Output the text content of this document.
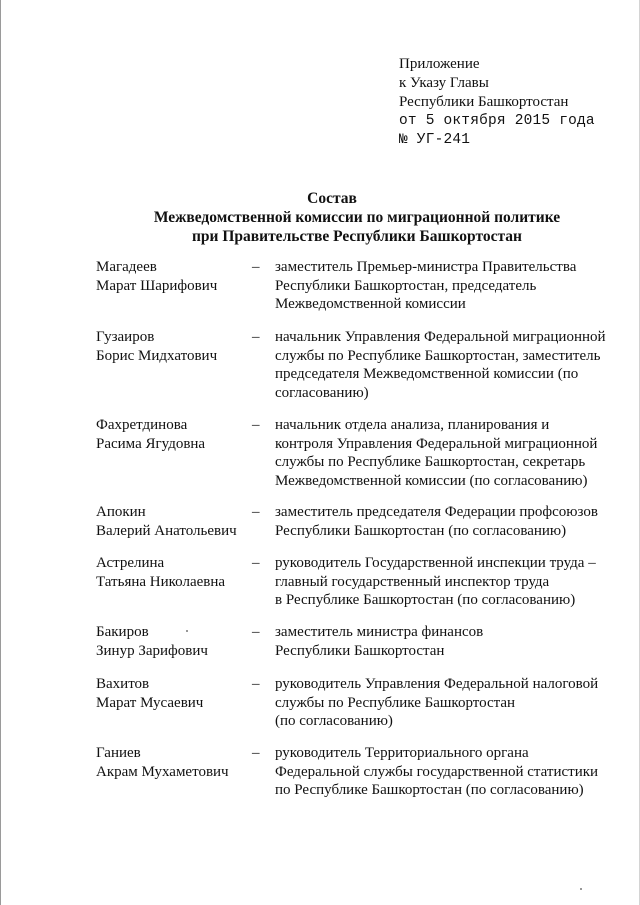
Приложение
к Указу Главы
Республики Башкортостан
от 5 октября 2015 года
№ УГ-241
Состав
Межведомственной комиссии по миграционной политике
при Правительстве Республики Башкортостан
Магадеев
Марат Шарифович
– заместитель Премьер-министра Правительства
Республики Башкортостан, председатель
Межведомственной комиссии
Гузаиров
Борис Мидхатович
– начальник Управления Федеральной миграционной
службы по Республике Башкортостан, заместитель
председателя Межведомственной комиссии (по
согласованию)
Фахретдинова
Расима Ягудовна
– начальник отдела анализа, планирования и
контроля Управления Федеральной миграционной
службы по Республике Башкортостан, секретарь
Межведомственной комиссии (по согласованию)
Апокин
Валерий Анатольевич
– заместитель председателя Федерации профсоюзов
Республики Башкортостан (по согласованию)
Астрелина
Татьяна Николаевна
– руководитель Государственной инспекции труда –
главный государственный инспектор труда
в Республике Башкортостан (по согласованию)
Бакиров
Зинур Зарифович
– заместитель министра финансов
Республики Башкортостан
Вахитов
Марат Мусаевич
– руководитель Управления Федеральной налоговой
службы по Республике Башкортостан
(по согласованию)
Ганиев
Акрам Мухаметович
– руководитель Территориального органа
Федеральной службы государственной статистики
по Республике Башкортостан (по согласованию)
